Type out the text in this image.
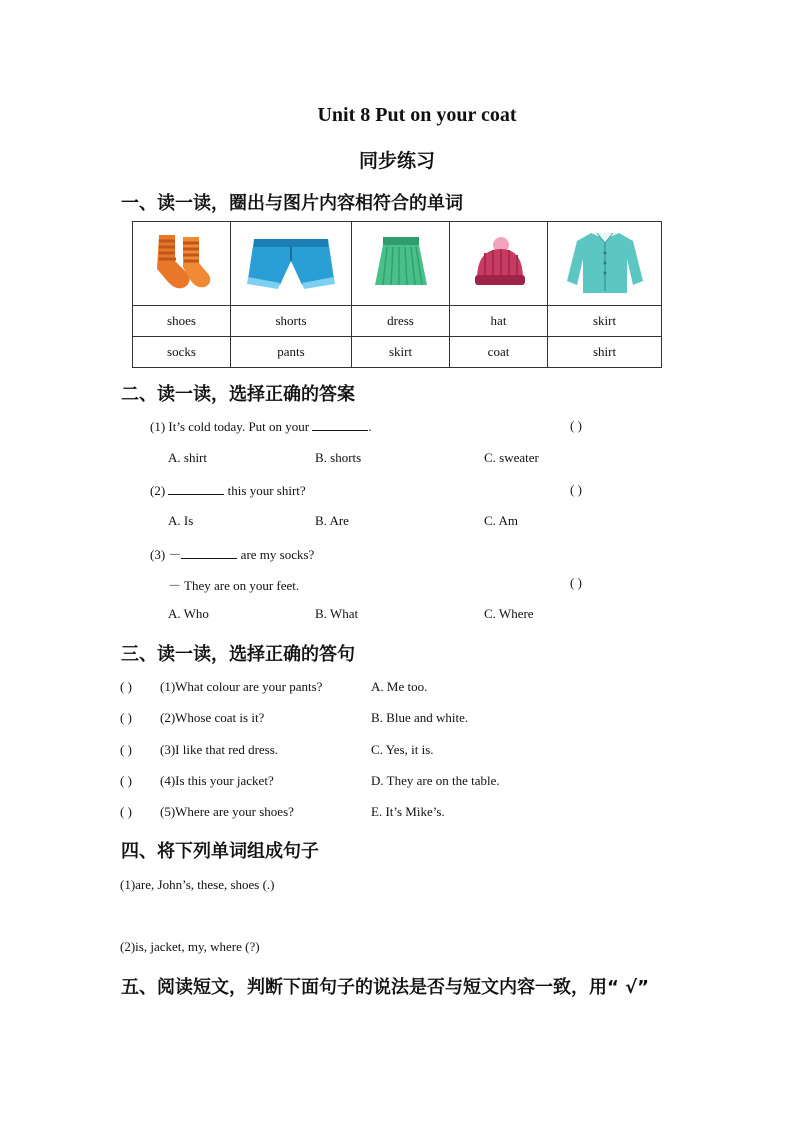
Unit 8 Put on your coat
同步练习
一、读一读，圈出与图片内容相符合的单词

shoes	shorts	dress	hat	skirt
socks	pants	skirt	coat	shirt
二、读一读，选择正确的答案
(1) It’s cold today. Put on your	.	( )
A. shirt	B. shorts	C. sweater
(2)	this your shirt?	( )
A. Is	B. Are	C. Am
(3) －	are my socks?
－ They are on your feet.	( )
A. Who	B. What	C. Where
三、读一读，选择正确的答句
( ) (1)What colour are your pants?	A. Me too.
( ) (2)Whose coat is it?	B. Blue and white.
( ) (3)I like that red dress.	C. Yes, it is.
( ) (4)Is this your jacket?	D. They are on the table.
( ) (5)Where are your shoes?	E. It’s Mike’s.
四、将下列单词组成句子
(1)are, John’s, these, shoes (.)
(2)is, jacket, my, where (?)
五、阅读短文，判断下面句子的说法是否与短文内容一致，用“ √”
